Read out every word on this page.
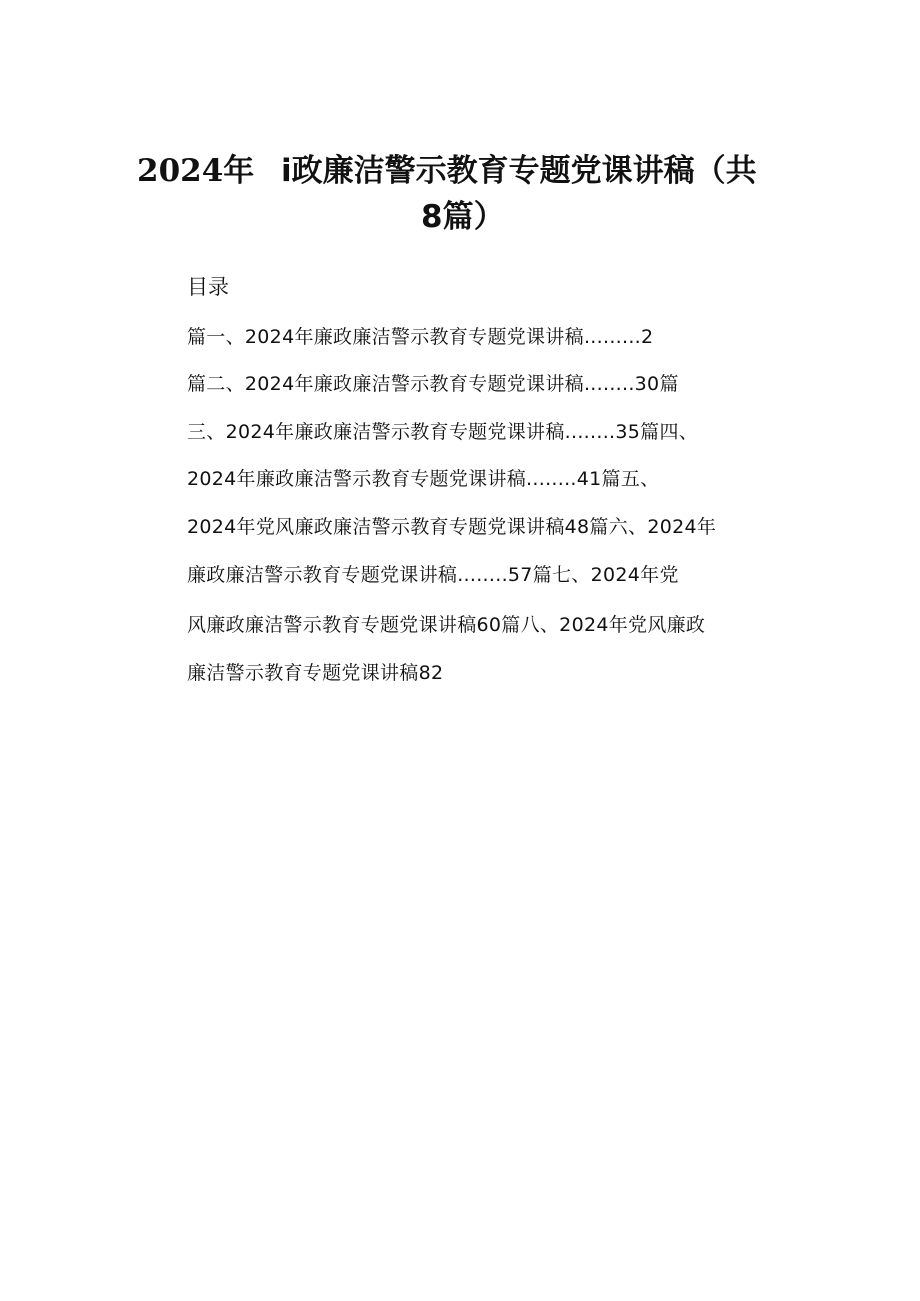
2024年 i政廉洁警示教育专题党课讲稿（共
8篇）
目录
篇一、2024年廉政廉洁警示教育专题党课讲稿.........2
篇二、2024年廉政廉洁警示教育专题党课讲稿........30篇
三、2024年廉政廉洁警示教育专题党课讲稿........35篇四、
2024年廉政廉洁警示教育专题党课讲稿........41篇五、
2024年党风廉政廉洁警示教育专题党课讲稿48篇六、2024年
廉政廉洁警示教育专题党课讲稿........57篇七、2024年党
风廉政廉洁警示教育专题党课讲稿60篇八、2024年党风廉政
廉洁警示教育专题党课讲稿82
